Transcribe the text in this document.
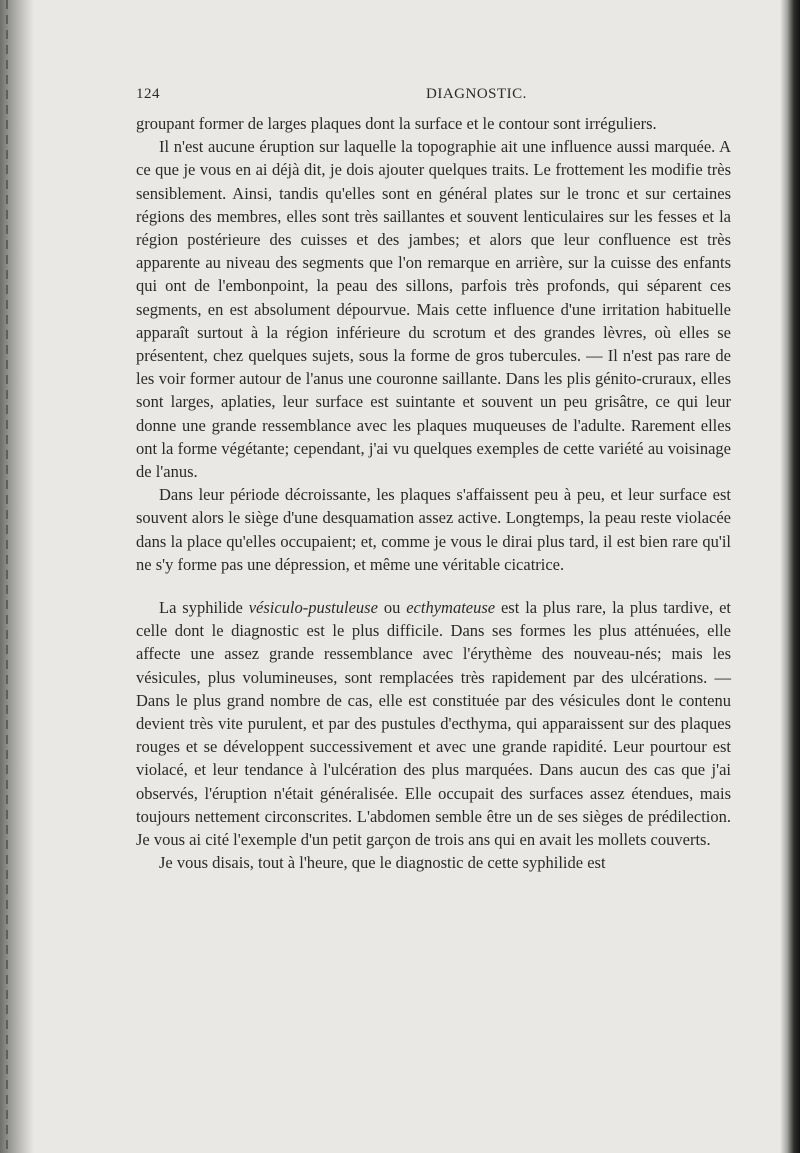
124	DIAGNOSTIC.

groupant former de larges plaques dont la surface et le contour sont irréguliers.

Il n'est aucune éruption sur laquelle la topographie ait une influence aussi marquée. A ce que je vous en ai déjà dit, je dois ajouter quelques traits. Le frottement les modifie très sensiblement. Ainsi, tandis qu'elles sont en général plates sur le tronc et sur certaines régions des membres, elles sont très saillantes et souvent lenticulaires sur les fesses et la région postérieure des cuisses et des jambes; et alors que leur confluence est très apparente au niveau des segments que l'on remarque en arrière, sur la cuisse des enfants qui ont de l'embonpoint, la peau des sillons, parfois très profonds, qui séparent ces segments, en est absolument dépourvue. Mais cette influence d'une irritation habituelle apparaît surtout à la région inférieure du scrotum et des grandes lèvres, où elles se présentent, chez quelques sujets, sous la forme de gros tubercules. — Il n'est pas rare de les voir former autour de l'anus une couronne saillante. Dans les plis génito-cruraux, elles sont larges, aplaties, leur surface est suintante et souvent un peu grisâtre, ce qui leur donne une grande ressemblance avec les plaques muqueuses de l'adulte. Rarement elles ont la forme végétante; cependant, j'ai vu quelques exemples de cette variété au voisinage de l'anus.

Dans leur période décroissante, les plaques s'affaissent peu à peu, et leur surface est souvent alors le siège d'une desquamation assez active. Longtemps, la peau reste violacée dans la place qu'elles occupaient; et, comme je vous le dirai plus tard, il est bien rare qu'il ne s'y forme pas une dépression, et même une véritable cicatrice.

La syphilide vésiculo-pustuleuse ou ecthymateuse est la plus rare, la plus tardive, et celle dont le diagnostic est le plus difficile. Dans ses formes les plus atténuées, elle affecte une assez grande ressemblance avec l'érythème des nouveau-nés; mais les vésicules, plus volumineuses, sont remplacées très rapidement par des ulcérations. — Dans le plus grand nombre de cas, elle est constituée par des vésicules dont le contenu devient très vite purulent, et par des pustules d'ecthyma, qui apparaissent sur des plaques rouges et se développent successivement et avec une grande rapidité. Leur pourtour est violacé, et leur tendance à l'ulcération des plus marquées. Dans aucun des cas que j'ai observés, l'éruption n'était généralisée. Elle occupait des surfaces assez étendues, mais toujours nettement circonscrites. L'abdomen semble être un de ses sièges de prédilection. Je vous ai cité l'exemple d'un petit garçon de trois ans qui en avait les mollets couverts.

Je vous disais, tout à l'heure, que le diagnostic de cette syphilide est
